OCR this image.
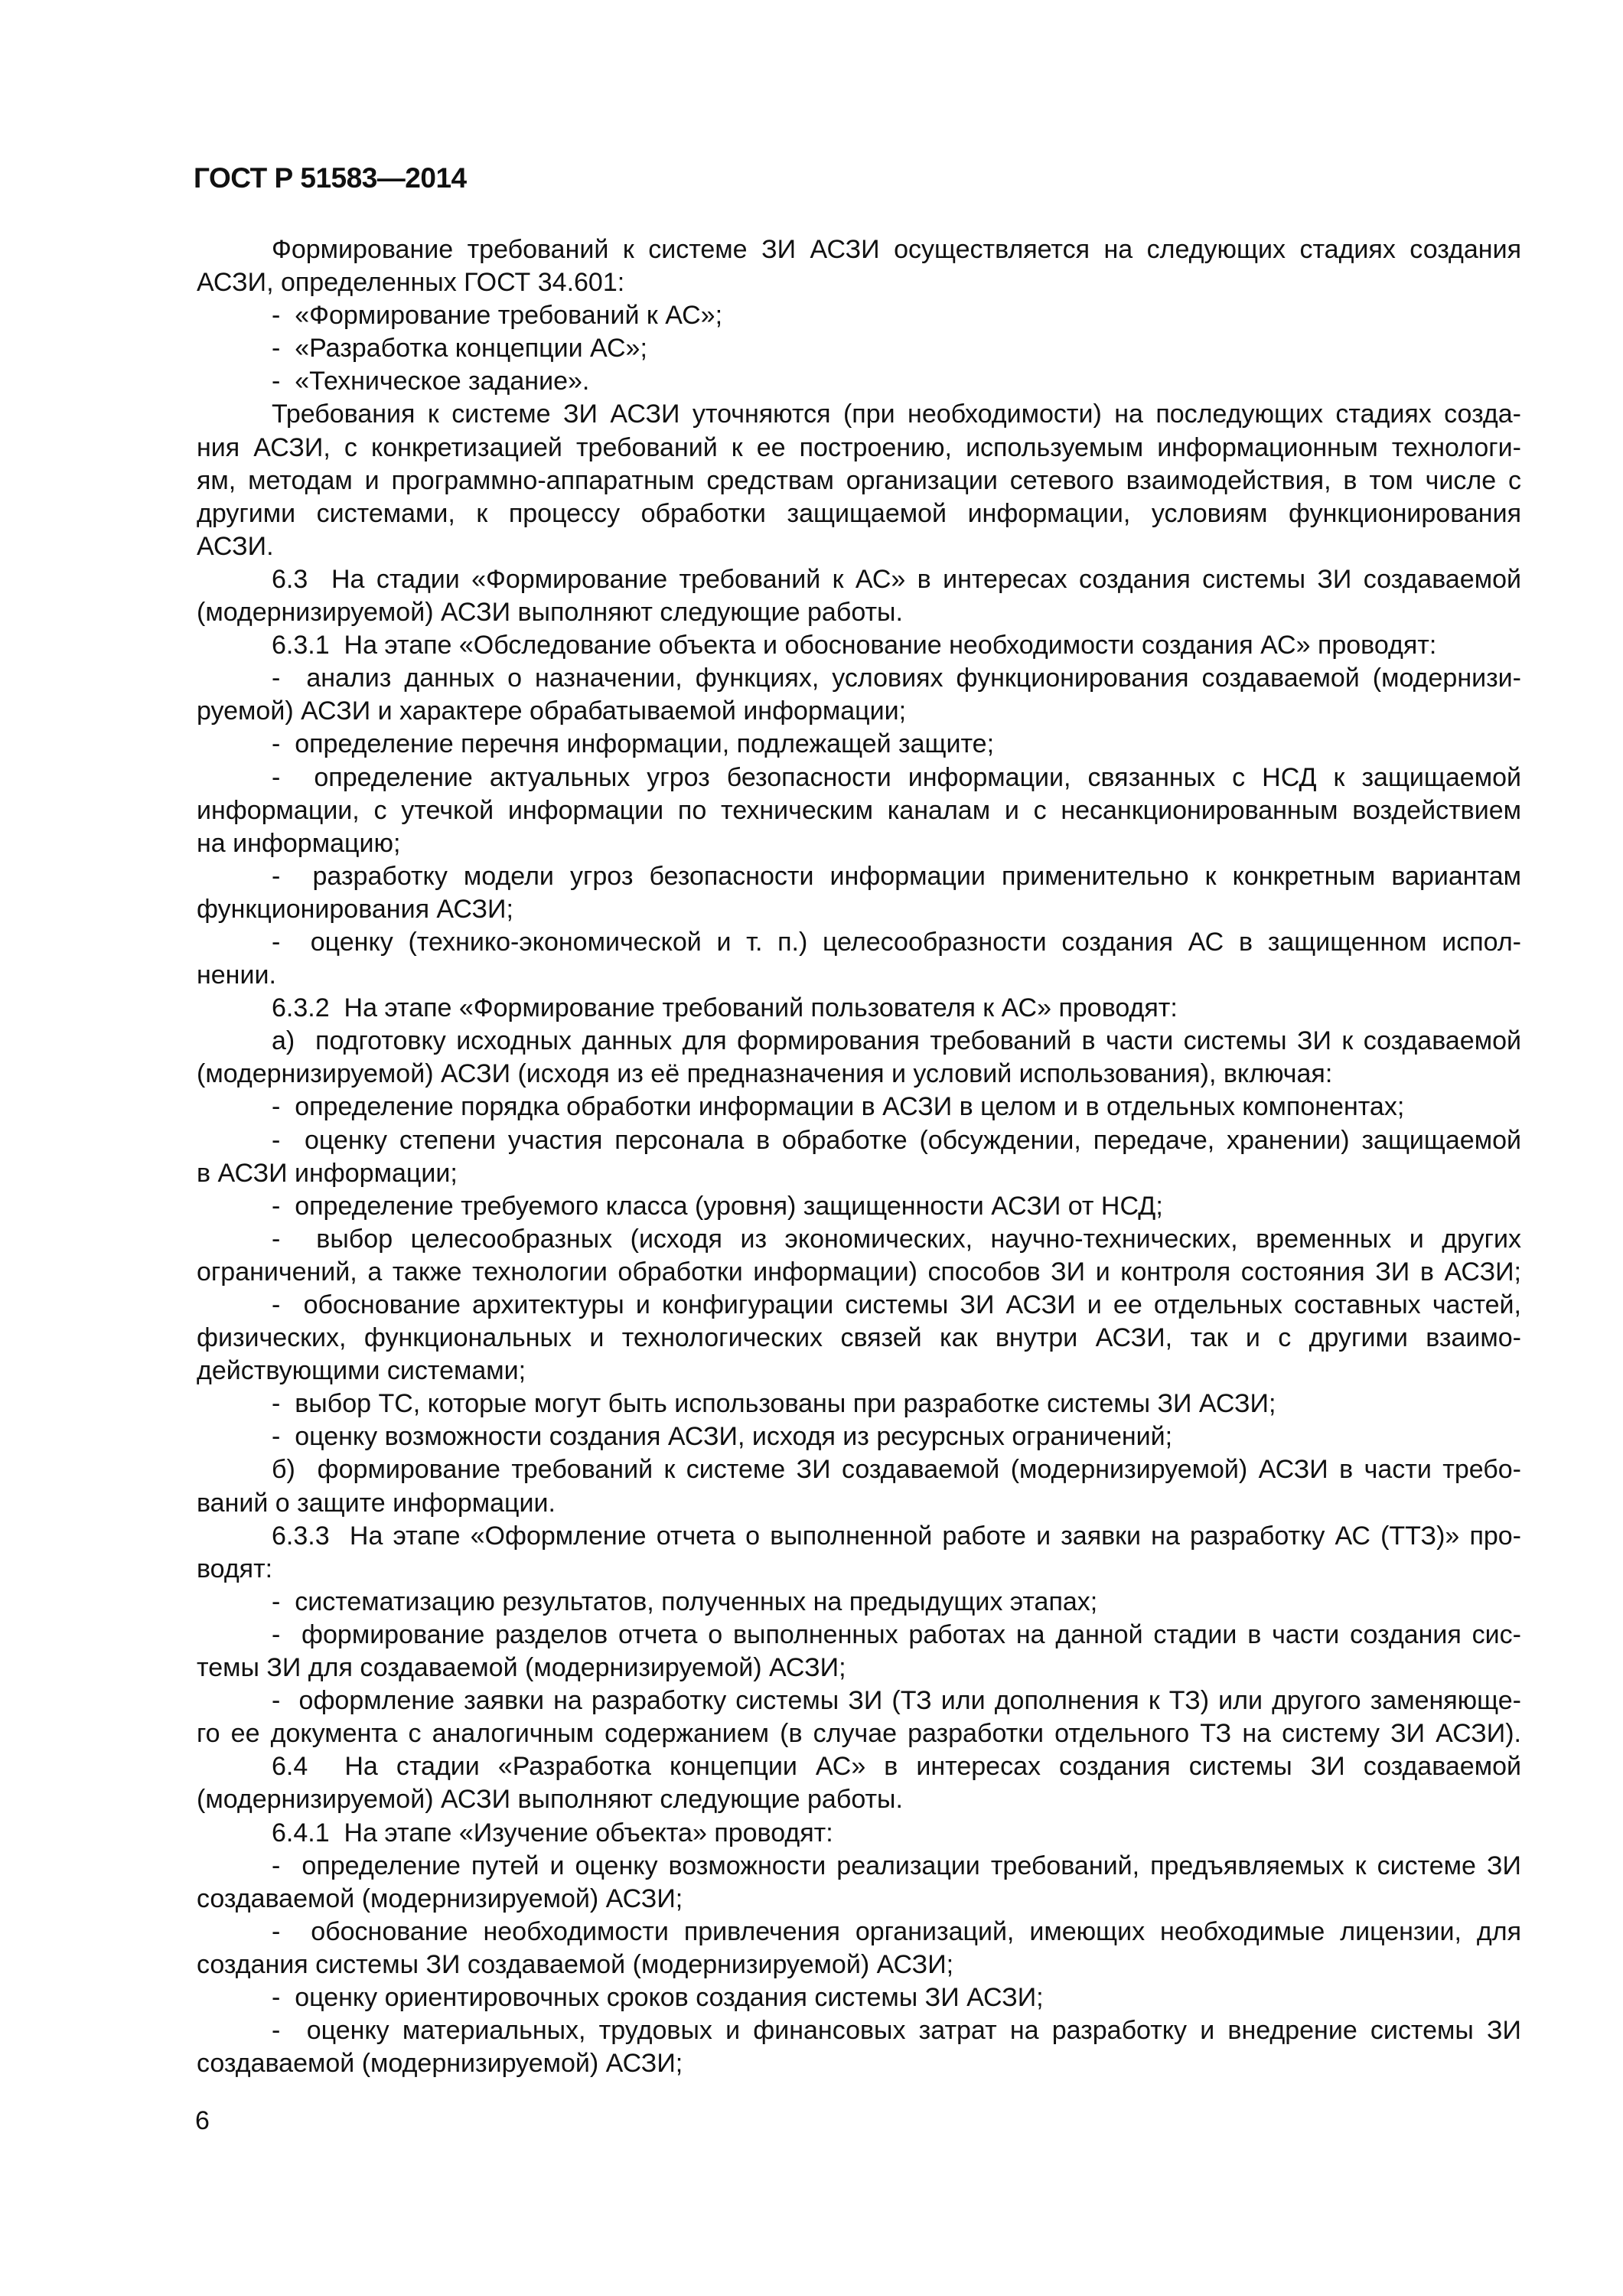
ГОСТ Р 51583—2014
Формирование требований к системе ЗИ АСЗИ осуществляется на следующих стадиях создания
АСЗИ, определенных ГОСТ 34.601:
-  «Формирование требований к АС»;
-  «Разработка концепции АС»;
-  «Техническое задание».
Требования к системе ЗИ АСЗИ уточняются (при необходимости) на последующих стадиях созда-
ния АСЗИ, с конкретизацией требований к ее построению, используемым информационным технологи-
ям, методам и программно-аппаратным средствам организации сетевого взаимодействия, в том числе с
другими системами, к процессу обработки защищаемой информации, условиям функционирования
АСЗИ.
6.3  На стадии «Формирование требований к АС» в интересах создания системы ЗИ создаваемой
(модернизируемой) АСЗИ выполняют следующие работы.
6.3.1  На этапе «Обследование объекта и обоснование необходимости создания АС» проводят:
-  анализ данных о назначении, функциях, условиях функционирования создаваемой (модернизи-
руемой) АСЗИ и характере обрабатываемой информации;
-  определение перечня информации, подлежащей защите;
-  определение актуальных угроз безопасности информации, связанных с НСД к защищаемой
информации, с утечкой информации по техническим каналам и с несанкционированным воздействием
на информацию;
-  разработку модели угроз безопасности информации применительно к конкретным вариантам
функционирования АСЗИ;
-  оценку (технико-экономической и т. п.) целесообразности создания АС в защищенном испол-
нении.
6.3.2  На этапе «Формирование требований пользователя к АС» проводят:
а)  подготовку исходных данных для формирования требований в части системы ЗИ к создаваемой
(модернизируемой) АСЗИ (исходя из её предназначения и условий использования), включая:
-  определение порядка обработки информации в АСЗИ в целом и в отдельных компонентах;
-  оценку степени участия персонала в обработке (обсуждении, передаче, хранении) защищаемой
в АСЗИ информации;
-  определение требуемого класса (уровня) защищенности АСЗИ от НСД;
-  выбор целесообразных (исходя из экономических, научно-технических, временных и других
ограничений, а также технологии обработки информации) способов ЗИ и контроля состояния ЗИ в АСЗИ;
-  обоснование архитектуры и конфигурации системы ЗИ АСЗИ и ее отдельных составных частей,
физических, функциональных и технологических связей как внутри АСЗИ, так и с другими взаимо-
действующими системами;
-  выбор ТС, которые могут быть использованы при разработке системы ЗИ АСЗИ;
-  оценку возможности создания АСЗИ, исходя из ресурсных ограничений;
б)  формирование требований к системе ЗИ создаваемой (модернизируемой) АСЗИ в части требо-
ваний о защите информации.
6.3.3  На этапе «Оформление отчета о выполненной работе и заявки на разработку АС (ТТЗ)» про-
водят:
-  систематизацию результатов, полученных на предыдущих этапах;
-  формирование разделов отчета о выполненных работах на данной стадии в части создания сис-
темы ЗИ для создаваемой (модернизируемой) АСЗИ;
-  оформление заявки на разработку системы ЗИ (ТЗ или дополнения к ТЗ) или другого заменяюще-
го ее документа с аналогичным содержанием (в случае разработки отдельного ТЗ на систему ЗИ АСЗИ).
6.4  На стадии «Разработка концепции АС» в интересах создания системы ЗИ создаваемой
(модернизируемой) АСЗИ выполняют следующие работы.
6.4.1  На этапе «Изучение объекта» проводят:
-  определение путей и оценку возможности реализации требований, предъявляемых к системе ЗИ
создаваемой (модернизируемой) АСЗИ;
-  обоснование необходимости привлечения организаций, имеющих необходимые лицензии, для
создания системы ЗИ создаваемой (модернизируемой) АСЗИ;
-  оценку ориентировочных сроков создания системы ЗИ АСЗИ;
-  оценку материальных, трудовых и финансовых затрат на разработку и внедрение системы ЗИ
создаваемой (модернизируемой) АСЗИ;
6
